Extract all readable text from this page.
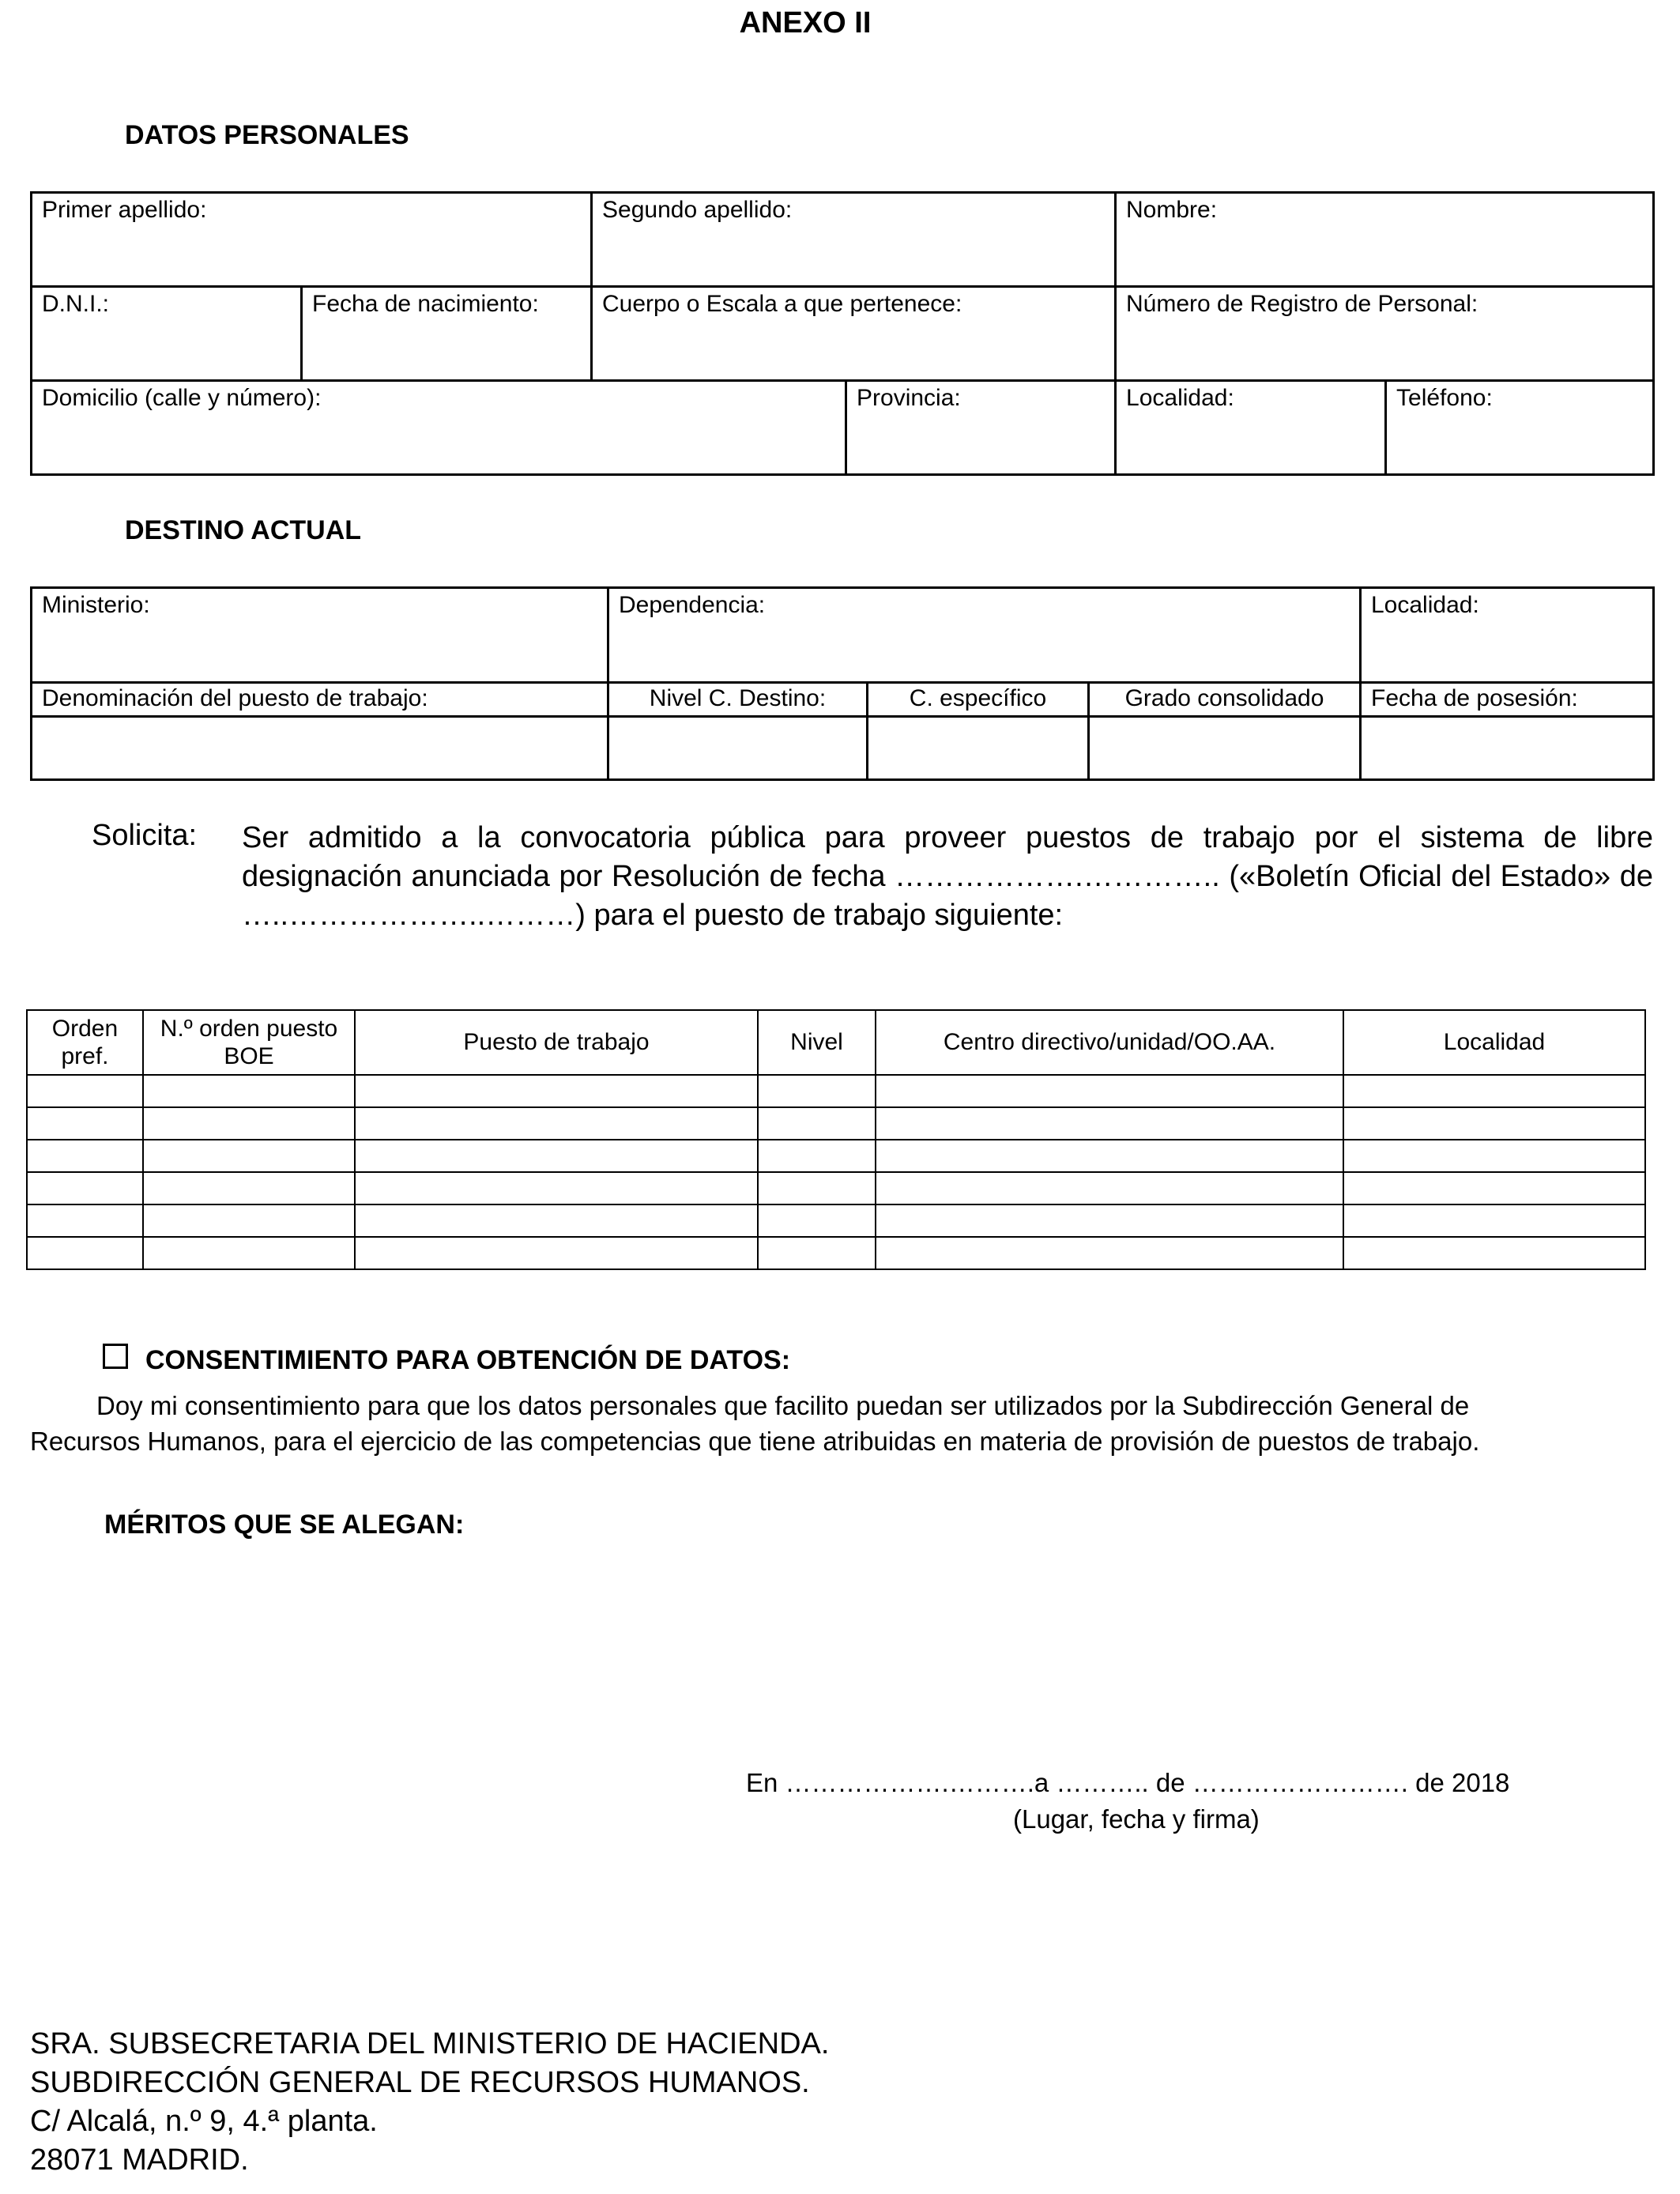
ANEXO II
DATOS PERSONALES
Primer apellido:		Segundo apellido:		Nombre:	
D.N.I.:	Fecha de nacimiento:	Cuerpo o Escala a que pertenece:		Número de Registro de Personal:	
Domicilio (calle y número):			Provincia:	Localidad:	Teléfono:
DESTINO ACTUAL
Ministerio:	Dependencia:			Localidad:
Denominación del puesto de trabajo:	Nivel C. Destino:	C. específico	Grado consolidado	Fecha de posesión:

Solicita: Ser admitido a la convocatoria pública para proveer puestos de trabajo por el sistema de libre designación anunciada por Resolución de fecha ……………….………….. («Boletín Oficial del Estado» de …..………………..………) para el puesto de trabajo siguiente:
Orden pref.	N.º orden puesto BOE	Puesto de trabajo	Nivel	Centro directivo/unidad/OO.AA.	Localidad

CONSENTIMIENTO PARA OBTENCIÓN DE DATOS:
Doy mi consentimiento para que los datos personales que facilito puedan ser utilizados por la Subdirección General de Recursos Humanos, para el ejercicio de las competencias que tiene atribuidas en materia de provisión de puestos de trabajo.
MÉRITOS QUE SE ALEGAN:
En ……………….……….a ……….. de ……………………. de 2018
(Lugar, fecha y firma)
SRA. SUBSECRETARIA DEL MINISTERIO DE HACIENDA.
SUBDIRECCIÓN GENERAL DE RECURSOS HUMANOS.
C/ Alcalá, n.º 9, 4.ª planta.
28071 MADRID.
